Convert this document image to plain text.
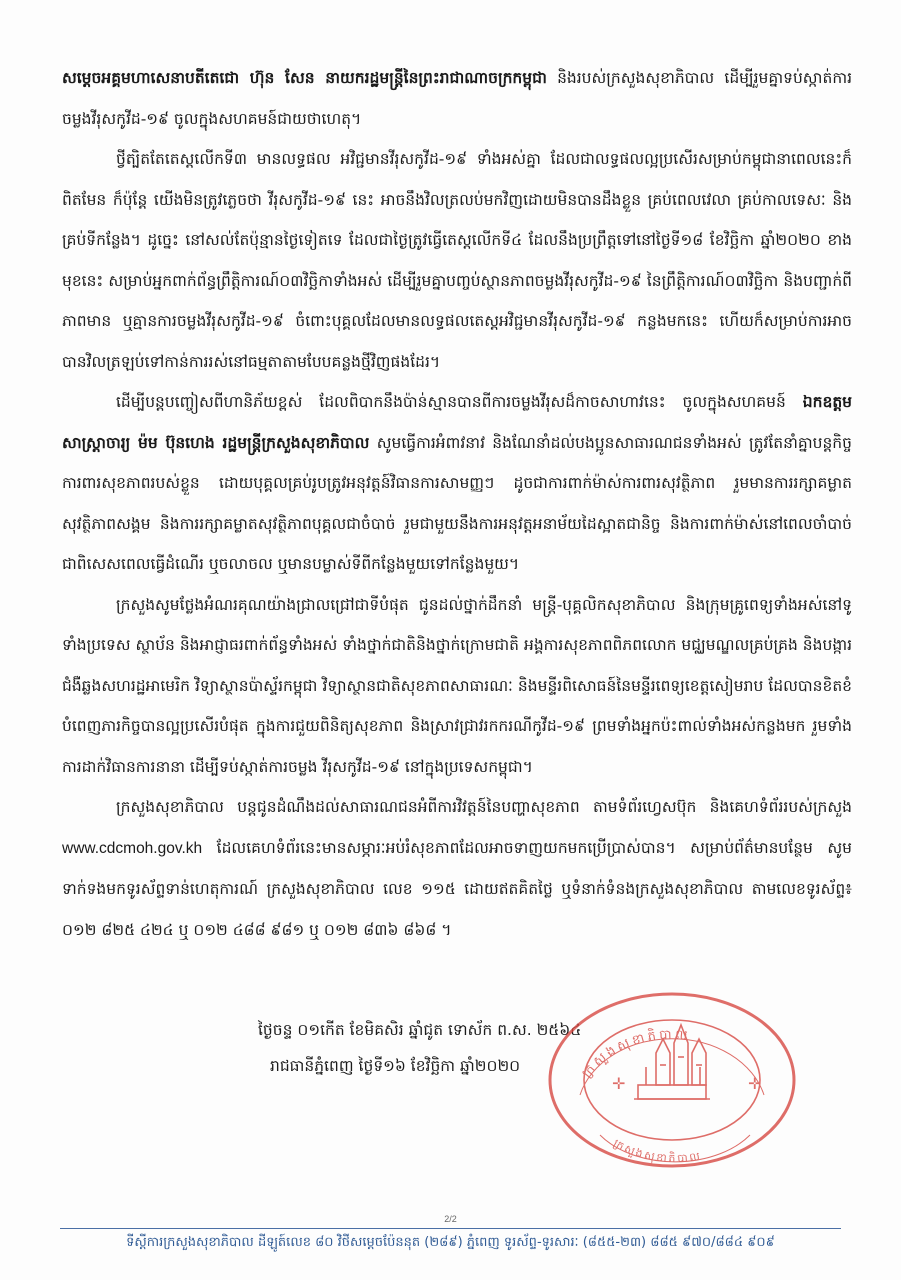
សម្តេចអគ្គមហាសេនាបតីតេជោ ហ៊ុន សែន នាយករដ្ឋមន្ត្រីនៃព្រះរាជាណាចក្រកម្ពុជា និងរបស់ក្រសួងសុខាភិបាល ដើម្បីរួមគ្នាទប់ស្កាត់ការចម្លងវីរុសកូវីដ-១៩ ចូលក្នុងសហគមន៍ជាយថាហេតុ។

ថ្វីត្បិតតែតេស្តលើកទី៣ មានលទ្ធផល អវិជ្ជមានវីរុសកូវីដ-១៩ ទាំងអស់គ្នា ដែលជាលទ្ធផលល្អប្រសើរសម្រាប់កម្ពុជានាពេលនេះក៏ពិតមែន ក៏ប៉ុន្តែ យើងមិនត្រូវភ្លេចថា វីរុសកូវីដ-១៩ នេះ អាចនឹងវិលត្រលប់មកវិញដោយមិនបានដឹងខ្លួន គ្រប់ពេលវេលា គ្រប់កាលទេសៈ និងគ្រប់ទីកន្លែង។ ដូច្នេះ នៅសល់តែប៉ុន្មានថ្ងៃទៀតទេ ដែលជាថ្ងៃត្រូវធ្វើតេស្តលើកទី៤ ដែលនឹងប្រព្រឹត្តទៅនៅថ្ងៃទី១៨ ខែវិច្ឆិកា ឆ្នាំ២០២០ ខាងមុខនេះ សម្រាប់អ្នកពាក់ព័ន្ធព្រឹត្តិការណ៍០៣វិច្ឆិកាទាំងអស់ ដើម្បីរួមគ្នាបញ្ចប់ស្ថានភាពចម្លងវីរុសកូវីដ-១៩ នៃព្រឹត្តិការណ៍០៣វិច្ឆិកា និងបញ្ជាក់ពីភាពមាន ឬគ្មានការចម្លងវីរុសកូវីដ-១៩ ចំពោះបុគ្គលដែលមានលទ្ធផលតេស្តអវិជ្ជមានវីរុសកូវីដ-១៩ កន្លងមកនេះ ហើយក៏សម្រាប់ការអាចបានវិលត្រឡប់ទៅកាន់ការរស់នៅធម្មតាតាមបែបគន្លងថ្មីវិញផងដែរ។

ដើម្បីបន្តបញ្ចៀសពីហានិភ័យខ្ពស់ ដែលពិបាកនឹងប៉ាន់ស្មានបានពីការចម្លងវីរុសដ៏កាចសាហាវនេះ ចូលក្នុងសហគមន៍ ឯកឧត្តមសាស្ត្រាចារ្យ ម៉ម ប៊ុនហេង រដ្ឋមន្ត្រីក្រសួងសុខាភិបាល សូមធ្វើការអំពាវនាវ និងណែនាំដល់បងប្អូនសាធារណជនទាំងអស់ ត្រូវតែនាំគ្នាបន្តកិច្ចការពារសុខភាពរបស់ខ្លួន ដោយបុគ្គលគ្រប់រូបត្រូវអនុវត្តន៍វិធានការសាមញ្ញៗ ដូចជាការពាក់ម៉ាស់ការពារសុវត្ថិភាព រួមមានការរក្សាគម្លាតសុវត្ថិភាពសង្គម និងការរក្សាគម្លាតសុវត្ថិភាពបុគ្គលជាចំបាច់ រួមជាមួយនឹងការអនុវត្តអនាម័យដៃស្អាតជានិច្ច និងការពាក់ម៉ាស់នៅពេលចាំបាច់ ជាពិសេសពេលធ្វើដំណើរ ឬចលាចល ឬមានបម្លាស់ទីពីកន្លែងមួយទៅកន្លែងមួយ។

ក្រសួងសូមថ្លែងអំណរគុណយ៉ាងជ្រាលជ្រៅជាទីបំផុត ជូនដល់ថ្នាក់ដឹកនាំ មន្ត្រី-បុគ្គលិកសុខាភិបាល និងក្រុមគ្រូពេទ្យទាំងអស់នៅទូទាំងប្រទេស ស្ថាប័ន និងអាជ្ញាធរពាក់ព័ន្ធទាំងអស់ ទាំងថ្នាក់ជាតិនិងថ្នាក់ក្រោមជាតិ អង្គការសុខភាពពិភពលោក មជ្ឈមណ្ឌលគ្រប់គ្រង និងបង្ការជំងឺឆ្លងសហរដ្ឋអាមេរិក វិទ្យាស្ថានប៉ាស្ទ័រកម្ពុជា វិទ្យាស្ថានជាតិសុខភាពសាធារណៈ និងមន្ទីរពិសោធន៍នៃមន្ទីរពេទ្យខេត្តសៀមរាប ដែលបានខិតខំបំពេញភារកិច្ចបានល្អប្រសើរបំផុត ក្នុងការជួយពិនិត្យសុខភាព និងស្រាវជ្រាវរកករណីកូវីដ-១៩ ព្រមទាំងអ្នកប៉ះពាល់ទាំងអស់កន្លងមក រួមទាំងការដាក់វិធានការនានា ដើម្បីទប់ស្កាត់ការចម្លង វីរុសកូវីដ-១៩ នៅក្នុងប្រទេសកម្ពុជា។

ក្រសួងសុខាភិបាល បន្តជូនដំណឹងដល់សាធារណជនអំពីការវិវត្តន៍នៃបញ្ហាសុខភាព តាមទំព័រហ្វេសប៊ុក និងគេហទំព័ររបស់ក្រសួង www.cdcmoh.gov.kh ដែលគេហទំព័រនេះមានសម្ភារៈអប់រំសុខភាពដែលអាចទាញយកមកប្រើប្រាស់បាន។ សម្រាប់ព័ត៌មានបន្ថែម សូមទាក់ទងមកទូរស័ព្ទទាន់ហេតុការណ៍ ក្រសួងសុខាភិបាល លេខ ១១៥ ដោយឥតគិតថ្លៃ ឬទំនាក់ទំនងក្រសួងសុខាភិបាល តាមលេខទូរស័ព្ទ៖ ០១២ ៨២៥ ៤២៤ ឬ ០១២ ៤៨៨ ៩៨១ ឬ ០១២ ៨៣៦ ៨៦៨ ។

ថ្ងៃចន្ទ ០១កើត ខែមិគសិរ ឆ្នាំជូត ទោស័ក ព.ស. ២៥៦៤
រាជធានីភ្នំពេញ ថ្ងៃទី១៦ ខែវិច្ឆិកា ឆ្នាំ២០២០
✛	✛
ក្រសួងសុខាភិបាល
ក្រសួងសុខាភិបាល
2/2
ទីស្តីការក្រសួងសុខាភិបាល ដីឡូត៍លេខ ៨០ វិថីសម្តេចប៉ែននុត (២៨៩) ភ្នំពេញ ទូរស័ព្ទ-ទូរសារៈ (៨៥៥-២៣) ៨៨៥ ៩៧០/៨៨៤ ៩០៩
